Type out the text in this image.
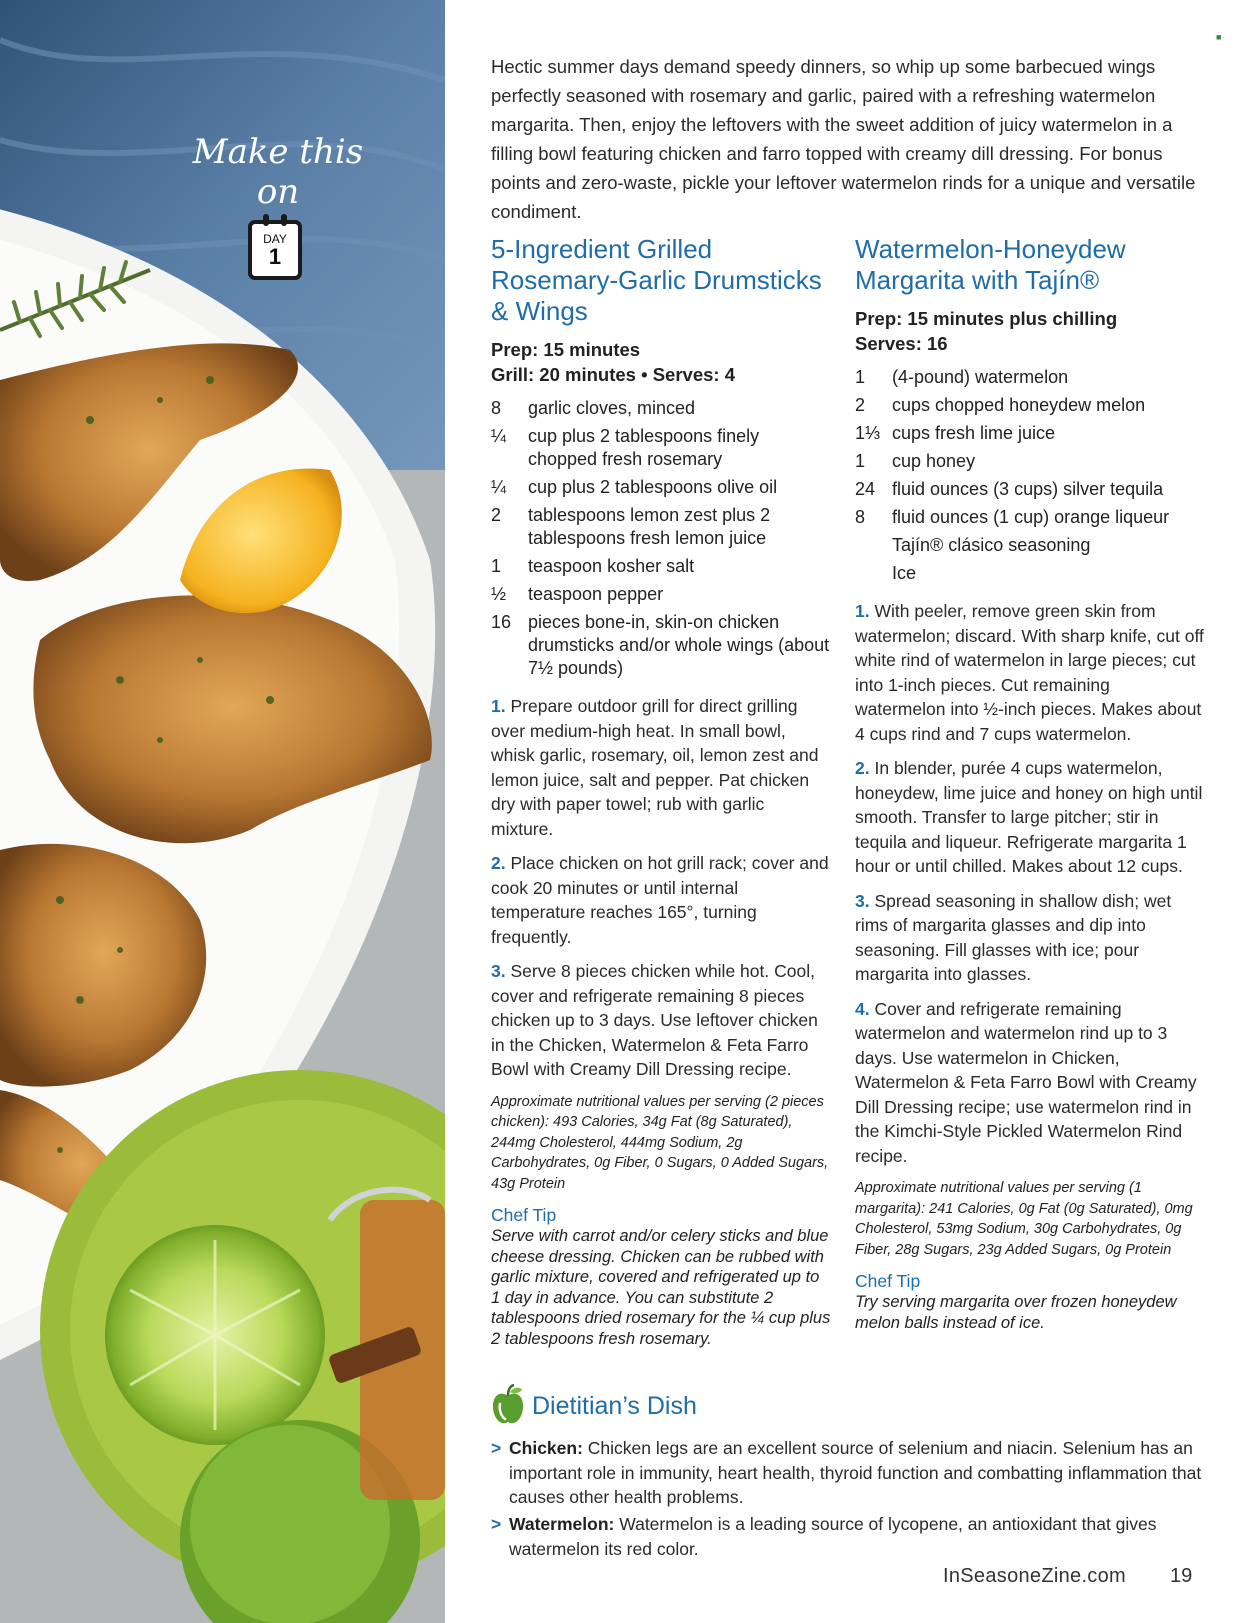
Make this
on
DAY
1
■

Hectic summer days demand speedy dinners, so whip up some barbecued wings perfectly seasoned with rosemary and garlic, paired with a refreshing watermelon margarita. Then, enjoy the leftovers with the sweet addition of juicy watermelon in a filling bowl featuring chicken and farro topped with creamy dill dressing. For bonus points and zero-waste, pickle your leftover watermelon rinds for a unique and versatile condiment.

5-Ingredient Grilled Rosemary-Garlic Drumsticks & Wings
Prep: 15 minutes
Grill: 20 minutes • Serves: 4
8	garlic cloves, minced
¼	cup plus 2 tablespoons finely chopped fresh rosemary
¼	cup plus 2 tablespoons olive oil
2	tablespoons lemon zest plus 2 tablespoons fresh lemon juice
1	teaspoon kosher salt
½	teaspoon pepper
16 pieces bone-in, skin-on chicken drumsticks and/or whole wings (about 7½ pounds)

1. Prepare outdoor grill for direct grilling over medium-high heat. In small bowl, whisk garlic, rosemary, oil, lemon zest and lemon juice, salt and pepper. Pat chicken dry with paper towel; rub with garlic mixture.

2. Place chicken on hot grill rack; cover and cook 20 minutes or until internal temperature reaches 165°, turning frequently.

3. Serve 8 pieces chicken while hot. Cool, cover and refrigerate remaining 8 pieces chicken up to 3 days. Use leftover chicken in the Chicken, Watermelon & Feta Farro Bowl with Creamy Dill Dressing recipe.

Approximate nutritional values per serving (2 pieces chicken): 493 Calories, 34g Fat (8g Saturated), 244mg Cholesterol, 444mg Sodium, 2g Carbohydrates, 0g Fiber, 0 Sugars, 0 Added Sugars, 43g Protein

Chef Tip

Serve with carrot and/or celery sticks and blue cheese dressing. Chicken can be rubbed with garlic mixture, covered and refrigerated up to 1 day in advance. You can substitute 2 tablespoons dried rosemary for the ¼ cup plus 2 tablespoons fresh rosemary.

Watermelon-Honeydew Margarita with Tajín®
Prep: 15 minutes plus chilling
Serves: 16
1	(4-pound) watermelon
2	cups chopped honeydew melon
1⅓ cups fresh lime juice
1	cup honey
24 fluid ounces (3 cups) silver tequila
8	fluid ounces (1 cup) orange liqueur
Tajín® clásico seasoning
Ice

1. With peeler, remove green skin from watermelon; discard. With sharp knife, cut off white rind of watermelon in large pieces; cut into 1-inch pieces. Cut remaining watermelon into ½-inch pieces. Makes about 4 cups rind and 7 cups watermelon.

2. In blender, purée 4 cups watermelon, honeydew, lime juice and honey on high until smooth. Transfer to large pitcher; stir in tequila and liqueur. Refrigerate margarita 1 hour or until chilled. Makes about 12 cups.

3. Spread seasoning in shallow dish; wet rims of margarita glasses and dip into seasoning. Fill glasses with ice; pour margarita into glasses.

4. Cover and refrigerate remaining watermelon and watermelon rind up to 3 days. Use watermelon in Chicken, Watermelon & Feta Farro Bowl with Creamy Dill Dressing recipe; use watermelon rind in the Kimchi-Style Pickled Watermelon Rind recipe.

Approximate nutritional values per serving (1 margarita): 241 Calories, 0g Fat (0g Saturated), 0mg Cholesterol, 53mg Sodium, 30g Carbohydrates, 0g Fiber, 28g Sugars, 23g Added Sugars, 0g Protein

Chef Tip

Try serving margarita over frozen honeydew melon balls instead of ice.

Dietitian’s Dish
> Chicken: Chicken legs are an excellent source of selenium and niacin. Selenium has an important role in immunity, heart health, thyroid function and combatting inflammation that causes other health problems.
> Watermelon: Watermelon is a leading source of lycopene, an antioxidant that gives watermelon its red color.
InSeasoneZine.com 19
